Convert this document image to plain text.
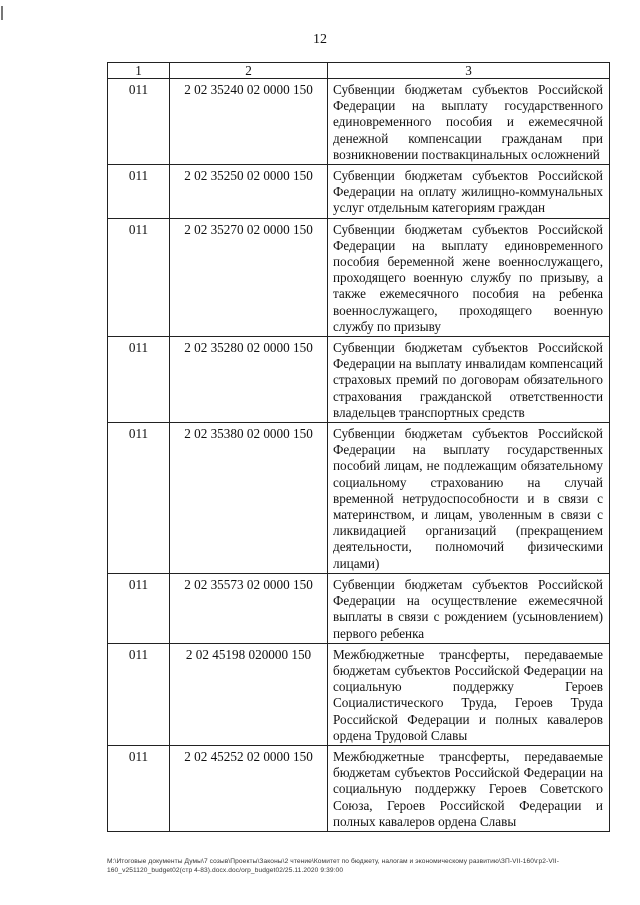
12
1	2	3
011	2 02 35240 02 0000 150	Субвенции бюджетам субъектов Российской Федерации на выплату государственного единовременного пособия и ежемесячной денежной компенсации гражданам при возникновении поствакцинальных осложнений
011	2 02 35250 02 0000 150	Субвенции бюджетам субъектов Российской Федерации на оплату жилищно-коммунальных услуг отдельным категориям граждан
011	2 02 35270 02 0000 150	Субвенции бюджетам субъектов Российской Федерации на выплату единовременного пособия беременной жене военнослужащего, проходящего военную службу по призыву, а также ежемесячного пособия на ребенка военнослужащего, проходящего военную службу по призыву
011	2 02 35280 02 0000 150	Субвенции бюджетам субъектов Российской Федерации на выплату инвалидам компенсаций страховых премий по договорам обязательного страхования гражданской ответственности владельцев транспортных средств
011	2 02 35380 02 0000 150	Субвенции бюджетам субъектов Российской Федерации на выплату государственных пособий лицам, не подлежащим обязательному социальному страхованию на случай временной нетрудоспособности и в связи с материнством, и лицам, уволенным в связи с ликвидацией организаций (прекращением деятельности, полномочий физическими лицами)
011	2 02 35573 02 0000 150	Субвенции бюджетам субъектов Российской Федерации на осуществление ежемесячной выплаты в связи с рождением (усыновлением) первого ребенка
011	2 02 45198 020000 150	Межбюджетные трансферты, передаваемые бюджетам субъектов Российской Федерации на социальную поддержку Героев Социалистического Труда, Героев Труда Российской Федерации и полных кавалеров ордена Трудовой Славы
011	2 02 45252 02 0000 150	Межбюджетные трансферты, передаваемые бюджетам субъектов Российской Федерации на социальную поддержку Героев Советского Союза, Героев Российской Федерации и полных кавалеров ордена Славы
M:\Итоговые документы Думы\7 созыв\Проекты\Законы\2 чтение\Комитет по бюджету, налогам и экономическому развитию\ЗП-VII-160\гр2-VII-160_v251120_budget02(стр 4-83).docx.doc/orp_budget02/25.11.2020 9:39:00
